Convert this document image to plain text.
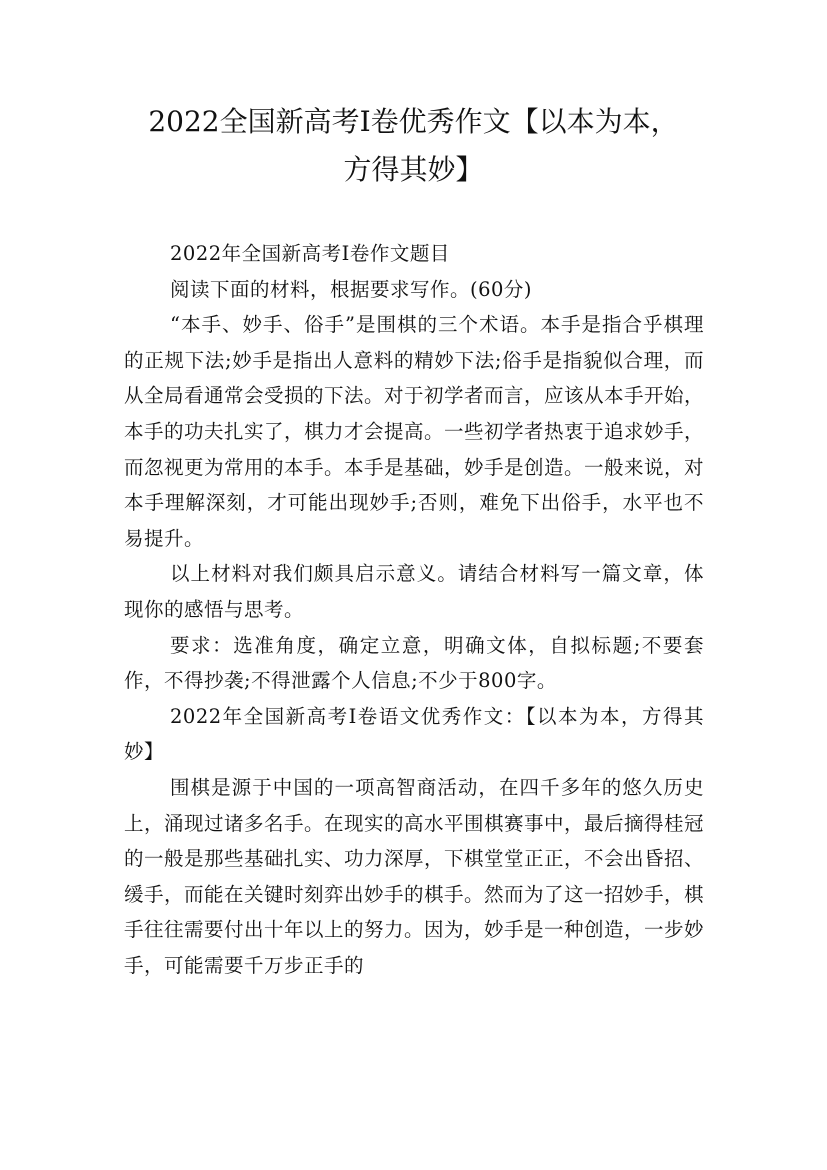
2022全国新高考Ⅰ卷优秀作文【以本为本，
方得其妙】

2022年全国新高考Ⅰ卷作文题目

阅读下面的材料，根据要求写作。(60分)

“本手、妙手、俗手”是围棋的三个术语。本手是指合乎棋理的正规下法;妙手是指出人意料的精妙下法;俗手是指貌似合理，而从全局看通常会受损的下法。对于初学者而言，应该从本手开始，本手的功夫扎实了，棋力才会提高。一些初学者热衷于追求妙手，而忽视更为常用的本手。本手是基础，妙手是创造。一般来说，对本手理解深刻，才可能出现妙手;否则，难免下出俗手，水平也不易提升。

以上材料对我们颇具启示意义。请结合材料写一篇文章，体现你的感悟与思考。

要求：选准角度，确定立意，明确文体，自拟标题;不要套作，不得抄袭;不得泄露个人信息;不少于800字。

2022年全国新高考Ⅰ卷语文优秀作文：【以本为本，方得其妙】

围棋是源于中国的一项高智商活动，在四千多年的悠久历史上，涌现过诸多名手。在现实的高水平围棋赛事中，最后摘得桂冠的一般是那些基础扎实、功力深厚，下棋堂堂正正，不会出昏招、缓手，而能在关键时刻弈出妙手的棋手。然而为了这一招妙手，棋手往往需要付出十年以上的努力。因为，妙手是一种创造，一步妙手，可能需要千万步正手的
